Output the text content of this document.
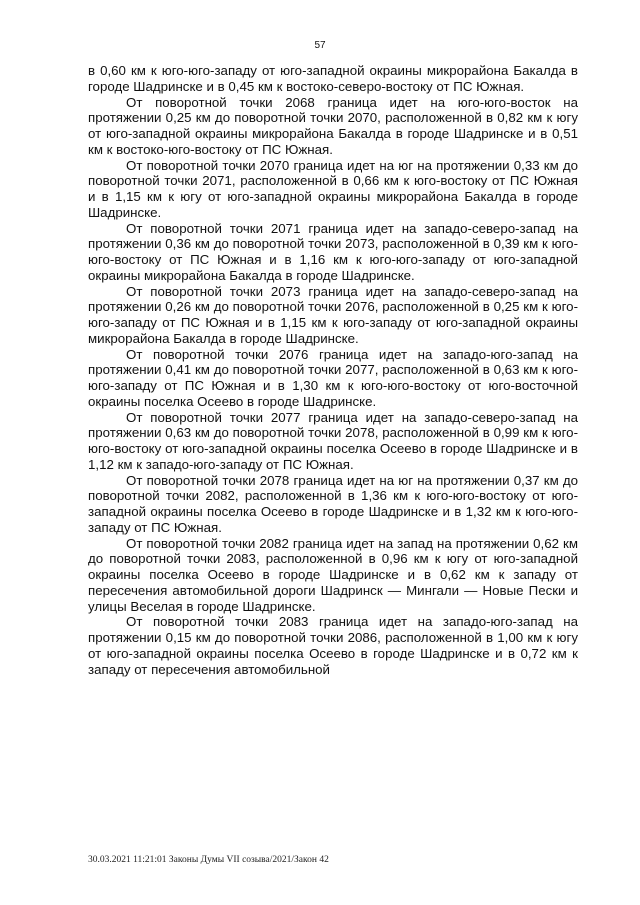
57

в 0,60 км к юго-юго-западу от юго-западной окраины микрорайона Бакалда в городе Шадринске и в 0,45 км к востоко-северо-востоку от ПС Южная.

От поворотной точки 2068 граница идет на юго-юго-восток на протяжении 0,25 км до поворотной точки 2070, расположенной в 0,82 км к югу от юго-западной окраины микрорайона Бакалда в городе Шадринске и в 0,51 км к востоко-юго-востоку от ПС Южная.

От поворотной точки 2070 граница идет на юг на протяжении 0,33 км до поворотной точки 2071, расположенной в 0,66 км к юго-востоку от ПС Южная и в 1,15 км к югу от юго-западной окраины микрорайона Бакалда в городе Шадринске.

От поворотной точки 2071 граница идет на западо-северо-запад на протяжении 0,36 км до поворотной точки 2073, расположенной в 0,39 км к юго-юго-востоку от ПС Южная и в 1,16 км к юго-юго-западу от юго-западной окраины микрорайона Бакалда в городе Шадринске.

От поворотной точки 2073 граница идет на западо-северо-запад на протяжении 0,26 км до поворотной точки 2076, расположенной в 0,25 км к юго-юго-западу от ПС Южная и в 1,15 км к юго-западу от юго-западной окраины микрорайона Бакалда в городе Шадринске.

От поворотной точки 2076 граница идет на западо-юго-запад на протяжении 0,41 км до поворотной точки 2077, расположенной в 0,63 км к юго-юго-западу от ПС Южная и в 1,30 км к юго-юго-востоку от юго-восточной окраины поселка Осеево в городе Шадринске.

От поворотной точки 2077 граница идет на западо-северо-запад на протяжении 0,63 км до поворотной точки 2078, расположенной в 0,99 км к юго-юго-востоку от юго-западной окраины поселка Осеево в городе Шадринске и в 1,12 км к западо-юго-западу от ПС Южная.

От поворотной точки 2078 граница идет на юг на протяжении 0,37 км до поворотной точки 2082, расположенной в 1,36 км к юго-юго-востоку от юго-западной окраины поселка Осеево в городе Шадринске и в 1,32 км к юго-юго-западу от ПС Южная.

От поворотной точки 2082 граница идет на запад на протяжении 0,62 км до поворотной точки 2083, расположенной в 0,96 км к югу от юго-западной окраины поселка Осеево в городе Шадринске и в 0,62 км к западу от пересечения автомобильной дороги Шадринск — Мингали — Новые Пески и улицы Веселая в городе Шадринске.

От поворотной точки 2083 граница идет на западо-юго-запад на протяжении 0,15 км до поворотной точки 2086, расположенной в 1,00 км к югу от юго-западной окраины поселка Осеево в городе Шадринске и в 0,72 км к западу от пересечения автомобильной

30.03.2021 11:21:01 Законы Думы VII созыва/2021/Закон 42
